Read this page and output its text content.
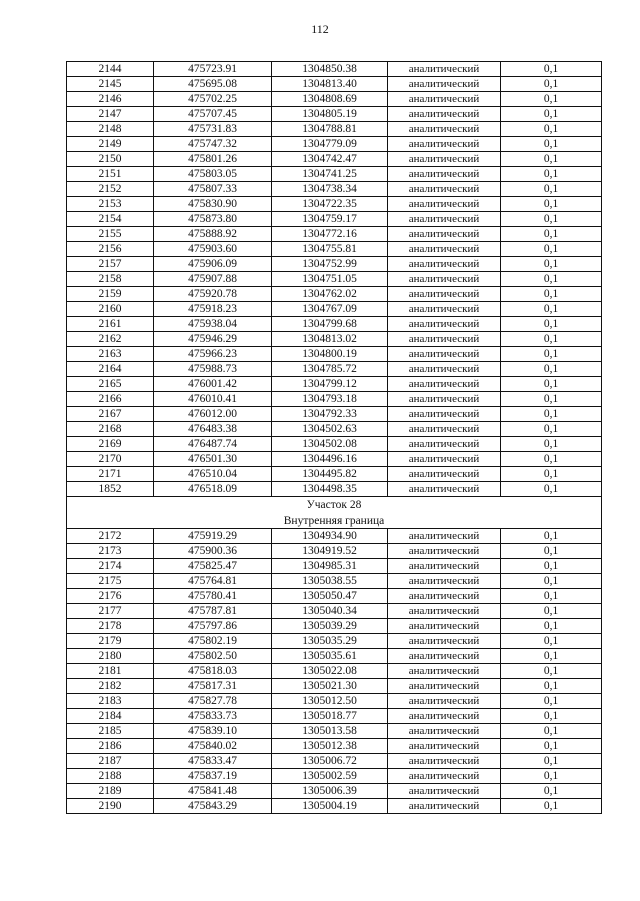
112
2144	475723.91	1304850.38	аналитический	0,1
2145	475695.08	1304813.40	аналитический	0,1
2146	475702.25	1304808.69	аналитический	0,1
2147	475707.45	1304805.19	аналитический	0,1
2148	475731.83	1304788.81	аналитический	0,1
2149	475747.32	1304779.09	аналитический	0,1
2150	475801.26	1304742.47	аналитический	0,1
2151	475803.05	1304741.25	аналитический	0,1
2152	475807.33	1304738.34	аналитический	0,1
2153	475830.90	1304722.35	аналитический	0,1
2154	475873.80	1304759.17	аналитический	0,1
2155	475888.92	1304772.16	аналитический	0,1
2156	475903.60	1304755.81	аналитический	0,1
2157	475906.09	1304752.99	аналитический	0,1
2158	475907.88	1304751.05	аналитический	0,1
2159	475920.78	1304762.02	аналитический	0,1
2160	475918.23	1304767.09	аналитический	0,1
2161	475938.04	1304799.68	аналитический	0,1
2162	475946.29	1304813.02	аналитический	0,1
2163	475966.23	1304800.19	аналитический	0,1
2164	475988.73	1304785.72	аналитический	0,1
2165	476001.42	1304799.12	аналитический	0,1
2166	476010.41	1304793.18	аналитический	0,1
2167	476012.00	1304792.33	аналитический	0,1
2168	476483.38	1304502.63	аналитический	0,1
2169	476487.74	1304502.08	аналитический	0,1
2170	476501.30	1304496.16	аналитический	0,1
2171	476510.04	1304495.82	аналитический	0,1
1852	476518.09	1304498.35	аналитический	0,1
Участок 28				
Внутренняя граница				
2172	475919.29	1304934.90	аналитический	0,1
2173	475900.36	1304919.52	аналитический	0,1
2174	475825.47	1304985.31	аналитический	0,1
2175	475764.81	1305038.55	аналитический	0,1
2176	475780.41	1305050.47	аналитический	0,1
2177	475787.81	1305040.34	аналитический	0,1
2178	475797.86	1305039.29	аналитический	0,1
2179	475802.19	1305035.29	аналитический	0,1
2180	475802.50	1305035.61	аналитический	0,1
2181	475818.03	1305022.08	аналитический	0,1
2182	475817.31	1305021.30	аналитический	0,1
2183	475827.78	1305012.50	аналитический	0,1
2184	475833.73	1305018.77	аналитический	0,1
2185	475839.10	1305013.58	аналитический	0,1
2186	475840.02	1305012.38	аналитический	0,1
2187	475833.47	1305006.72	аналитический	0,1
2188	475837.19	1305002.59	аналитический	0,1
2189	475841.48	1305006.39	аналитический	0,1
2190	475843.29	1305004.19	аналитический	0,1
